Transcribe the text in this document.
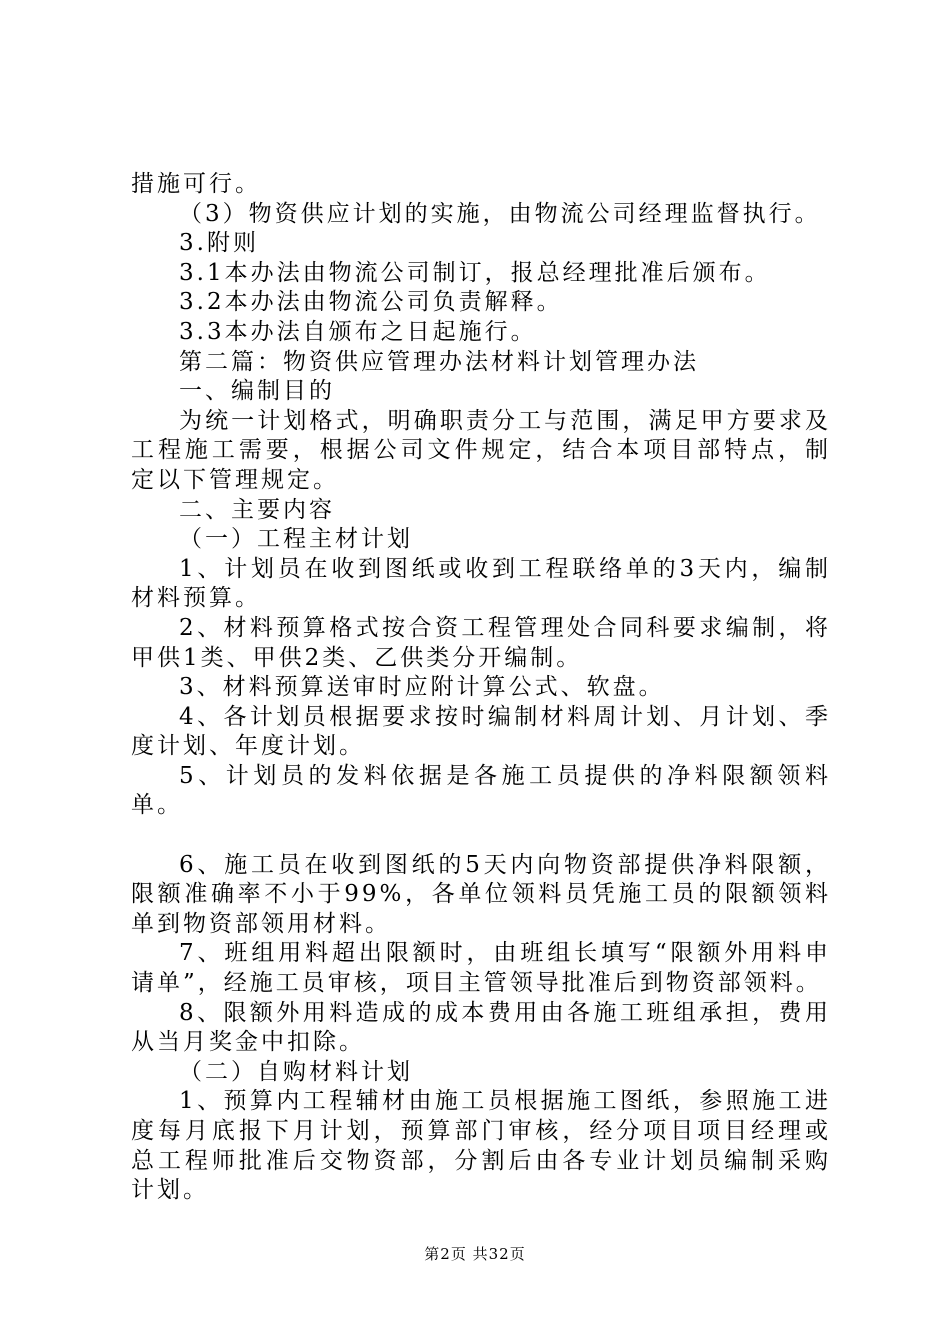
措施可行。

（3）物资供应计划的实施，由物流公司经理监督执行。

3.附则

3.1本办法由物流公司制订，报总经理批准后颁布。

3.2本办法由物流公司负责解释。

3.3本办法自颁布之日起施行。

第二篇：物资供应管理办法材料计划管理办法

一、编制目的

为统一计划格式，明确职责分工与范围，满足甲方要求及工程施工需要，根据公司文件规定，结合本项目部特点，制定以下管理规定。

二、主要内容

（一）工程主材计划

1、计划员在收到图纸或收到工程联络单的3天内，编制材料预算。

2、材料预算格式按合资工程管理处合同科要求编制，将甲供1类、甲供2类、乙供类分开编制。

3、材料预算送审时应附计算公式、软盘。

4、各计划员根据要求按时编制材料周计划、月计划、季度计划、年度计划。

5、计划员的发料依据是各施工员提供的净料限额领料单。

6、施工员在收到图纸的5天内向物资部提供净料限额，限额准确率不小于99%，各单位领料员凭施工员的限额领料单到物资部领用材料。

7、班组用料超出限额时，由班组长填写“限额外用料申请单”，经施工员审核，项目主管领导批准后到物资部领料。

8、限额外用料造成的成本费用由各施工班组承担，费用从当月奖金中扣除。

（二）自购材料计划

1、预算内工程辅材由施工员根据施工图纸，参照施工进度每月底报下月计划，预算部门审核，经分项目项目经理或总工程师批准后交物资部，分割后由各专业计划员编制采购计划。

第2页 共32页
